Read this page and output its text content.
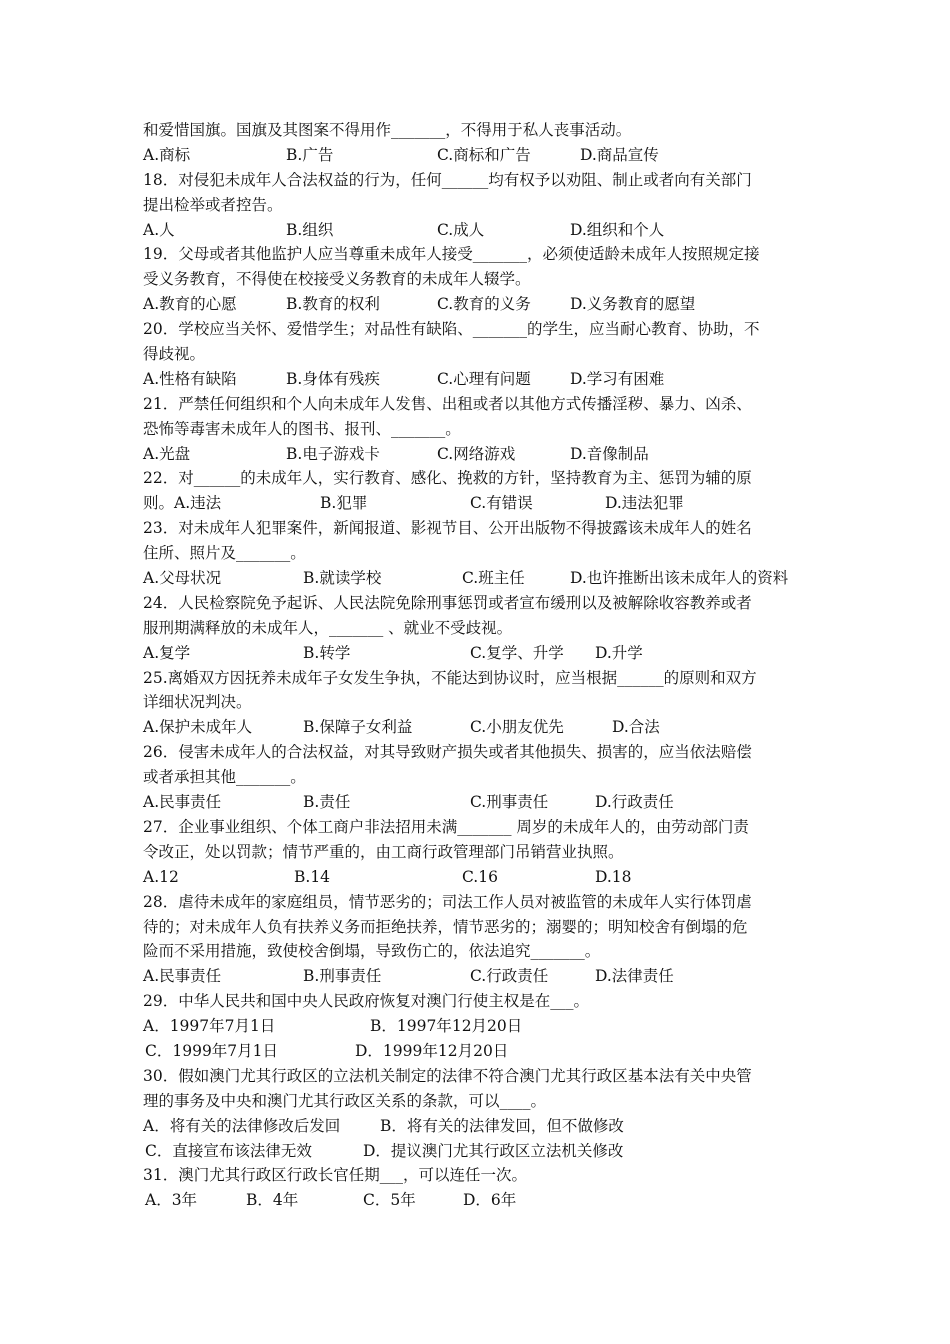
和爱惜国旗。国旗及其图案不得用作_______，不得用于私人丧事活动。
A.商标	B.广告	C.商标和广告	D.商品宣传
18．对侵犯未成年人合法权益的行为，任何______均有权予以劝阻、制止或者向有关部门
提出检举或者控告。
A.人	B.组织	C.成人	D.组织和个人
19．父母或者其他监护人应当尊重未成年人接受_______，必须使适龄未成年人按照规定接
受义务教育，不得使在校接受义务教育的未成年人辍学。
A.教育的心愿	B.教育的权利	C.教育的义务	D.义务教育的愿望
20．学校应当关怀、爱惜学生；对品性有缺陷、_______的学生，应当耐心教育、协助，不
得歧视。
A.性格有缺陷	B.身体有残疾	C.心理有问题	D.学习有困难
21．严禁任何组织和个人向未成年人发售、出租或者以其他方式传播淫秽、暴力、凶杀、
恐怖等毒害未成年人的图书、报刊、_______。
A.光盘	B.电子游戏卡	C.网络游戏	D.音像制品
22．对______的未成年人，实行教育、感化、挽救的方针，坚持教育为主、惩罚为辅的原
则。A.违法	B.犯罪	C.有错误	D.违法犯罪
23．对未成年人犯罪案件，新闻报道、影视节目、公开出版物不得披露该未成年人的姓名
住所、照片及_______。
A.父母状况	B.就读学校	C.班主任	D.也许推断出该未成年人的资料
24．人民检察院免予起诉、人民法院免除刑事惩罚或者宣布缓刑以及被解除收容教养或者
服刑期满释放的未成年人，_______ 、就业不受歧视。
A.复学	B.转学	C.复学、升学 D.升学
25.离婚双方因抚养未成年子女发生争执，不能达到协议时，应当根据______的原则和双方
详细状况判决。
A.保护未成年人	B.保障子女利益	C.小朋友优先	D.合法
26．侵害未成年人的合法权益，对其导致财产损失或者其他损失、损害的，应当依法赔偿
或者承担其他_______。
A.民事责任	B.责任	C.刑事责任	D.行政责任
27．企业事业组织、个体工商户非法招用未满_______ 周岁的未成年人的，由劳动部门责
令改正，处以罚款；情节严重的，由工商行政管理部门吊销营业执照。
A.12	B.14	C.16	D.18
28．虐待未成年的家庭组员，情节恶劣的；司法工作人员对被监管的未成年人实行体罚虐
待的；对未成年人负有扶养义务而拒绝扶养，情节恶劣的；溺婴的；明知校舍有倒塌的危
险而不采用措施，致使校舍倒塌，导致伤亡的，依法追究_______。
A.民事责任	B.刑事责任	C.行政责任	D.法律责任
29．中华人民共和国中央人民政府恢复对澳门行使主权是在___。
A．1997年7月1日	B．1997年12月20日
C．1999年7月1日	D．1999年12月20日
30．假如澳门尤其行政区的立法机关制定的法律不符合澳门尤其行政区基本法有关中央管
理的事务及中央和澳门尤其行政区关系的条款，可以____。
A．将有关的法律修改后发回	B．将有关的法律发回，但不做修改
C．直接宣布该法律无效	D．提议澳门尤其行政区立法机关修改
31．澳门尤其行政区行政长官任期___，可以连任一次。
A．3年	B．4年	C．5年	D．6年
